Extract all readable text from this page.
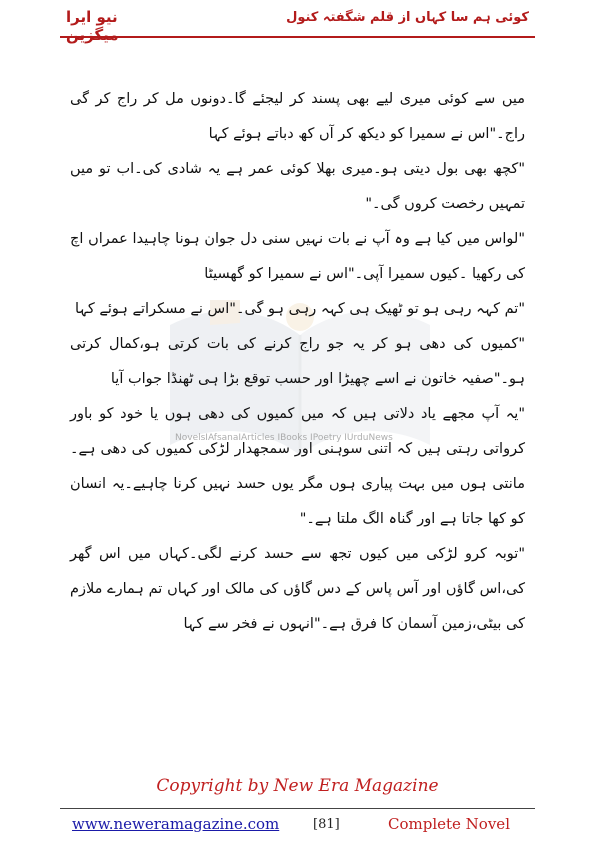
نیو ایرا میگزین
کوئی ہم سا کہاں از قلم شگفتہ کنول
NovelsIAfsanaIArticles IBooks IPoetry IUrduNews

میں سے کوئی میری لیے بھی پسند کر لیجئے گا۔دونوں مل کر راج کر گی راج۔"اس نے سمیرا کو دیکھ کر آں کھ دباتے ہوئے کہا

"کچھ بھی بول دیتی ہو۔میری بھلا کوئی عمر ہے یہ شادی کی۔اب تو میں تمہیں رخصت کروں گی۔"

"لواس میں کیا ہے وہ آپ نے بات نہیں سنی دل جوان ہونا چاہیدا عمراں اچ کی رکھیا ۔کیوں سمیرا آپی۔"اس نے سمیرا کو گھسیٹا

"تم کہہ رہی ہو تو ٹھیک ہی کہہ رہی ہو گی۔"اس نے مسکراتے ہوئے کہا

"کمیوں کی دھی ہو کر یہ جو راج کرنے کی بات کرتی ہو،کمال کرتی ہو۔"صفیہ خاتون نے اسے چھیڑا اور حسب توقع بڑا ہی ٹھنڈا جواب آیا

"یہ آپ مجھے یاد دلاتی ہیں کہ میں کمیوں کی دھی ہوں یا خود کو باور کرواتی رہتی ہیں کہ اتنی سوہنی اور سمجھدار لڑکی کمیوں کی دھی ہے۔مانتی ہوں میں بہت پیاری ہوں مگر یوں حسد نہیں کرنا چاہیے۔یہ انسان کو کھا جاتا ہے اور گناہ الگ ملتا ہے۔"

"توبہ کرو لڑکی میں کیوں تجھ سے حسد کرنے لگی۔کہاں میں اس گھر کی،اس گاؤں اور آس پاس کے دس گاؤں کی مالک اور کہاں تم ہمارے ملازم کی بیٹی،زمین آسمان کا فرق ہے۔"انہوں نے فخر سے کہا

Copyright by New Era Magazine
www.neweramagazine.com	[81]	Complete Novel
